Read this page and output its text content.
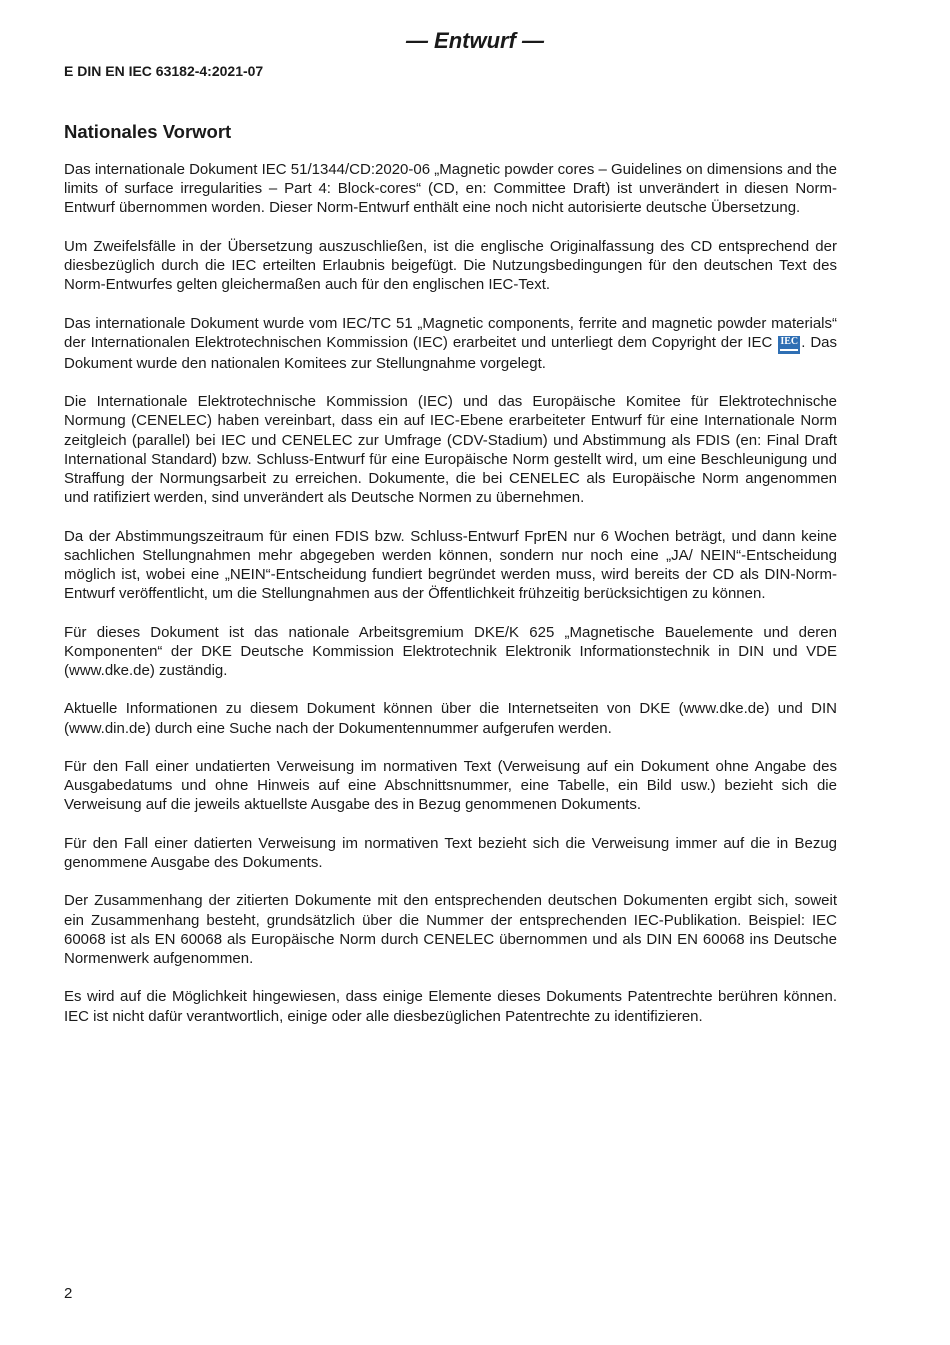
— Entwurf —
E DIN EN IEC 63182-4:2021-07
Nationales Vorwort

Das internationale Dokument IEC 51/1344/CD:2020-06 „Magnetic powder cores – Guidelines on dimensions and the limits of surface irregularities – Part 4: Block-cores“ (CD, en: Committee Draft) ist unverändert in diesen Norm-Entwurf übernommen worden. Dieser Norm-Entwurf enthält eine noch nicht autorisierte deutsche Übersetzung.

Um Zweifelsfälle in der Übersetzung auszuschließen, ist die englische Originalfassung des CD entsprechend der diesbezüglich durch die IEC erteilten Erlaubnis beigefügt. Die Nutzungsbedingungen für den deutschen Text des Norm-Entwurfes gelten gleichermaßen auch für den englischen IEC-Text.

Das internationale Dokument wurde vom IEC/TC 51 „Magnetic components, ferrite and magnetic powder materials“ der Internationalen Elektrotechnischen Kommission (IEC) erarbeitet und unterliegt dem Copyright der IEC IEC . Das Dokument wurde den nationalen Komitees zur Stellungnahme vorgelegt.

Die Internationale Elektrotechnische Kommission (IEC) und das Europäische Komitee für Elektrotechnische Normung (CENELEC) haben vereinbart, dass ein auf IEC-Ebene erarbeiteter Entwurf für eine Internationale Norm zeitgleich (parallel) bei IEC und CENELEC zur Umfrage (CDV-Stadium) und Abstimmung als FDIS (en: Final Draft International Standard) bzw. Schluss-Entwurf für eine Europäische Norm gestellt wird, um eine Beschleunigung und Straffung der Normungsarbeit zu erreichen. Dokumente, die bei CENELEC als Europäische Norm angenommen und ratifiziert werden, sind unverändert als Deutsche Normen zu übernehmen.

Da der Abstimmungszeitraum für einen FDIS bzw. Schluss-Entwurf FprEN nur 6 Wochen beträgt, und dann keine sachlichen Stellungnahmen mehr abgegeben werden können, sondern nur noch eine „JA/ NEIN“-Entscheidung möglich ist, wobei eine „NEIN“-Entscheidung fundiert begründet werden muss, wird bereits der CD als DIN-Norm-Entwurf veröffentlicht, um die Stellungnahmen aus der Öffentlichkeit frühzeitig berücksichtigen zu können.

Für dieses Dokument ist das nationale Arbeitsgremium DKE/K 625 „Magnetische Bauelemente und deren Komponenten“ der DKE Deutsche Kommission Elektrotechnik Elektronik Informationstechnik in DIN und VDE (www.dke.de) zuständig.

Aktuelle Informationen zu diesem Dokument können über die Internetseiten von DKE (www.dke.de) und DIN (www.din.de) durch eine Suche nach der Dokumentennummer aufgerufen werden.

Für den Fall einer undatierten Verweisung im normativen Text (Verweisung auf ein Dokument ohne Angabe des Ausgabedatums und ohne Hinweis auf eine Abschnittsnummer, eine Tabelle, ein Bild usw.) bezieht sich die Verweisung auf die jeweils aktuellste Ausgabe des in Bezug genommenen Dokuments.

Für den Fall einer datierten Verweisung im normativen Text bezieht sich die Verweisung immer auf die in Bezug genommene Ausgabe des Dokuments.

Der Zusammenhang der zitierten Dokumente mit den entsprechenden deutschen Dokumenten ergibt sich, soweit ein Zusammenhang besteht, grundsätzlich über die Nummer der entsprechenden IEC-Publikation. Beispiel: IEC 60068 ist als EN 60068 als Europäische Norm durch CENELEC übernommen und als DIN EN 60068 ins Deutsche Normenwerk aufgenommen.

Es wird auf die Möglichkeit hingewiesen, dass einige Elemente dieses Dokuments Patentrechte berühren können. IEC ist nicht dafür verantwortlich, einige oder alle diesbezüglichen Patentrechte zu identifizieren.

2
